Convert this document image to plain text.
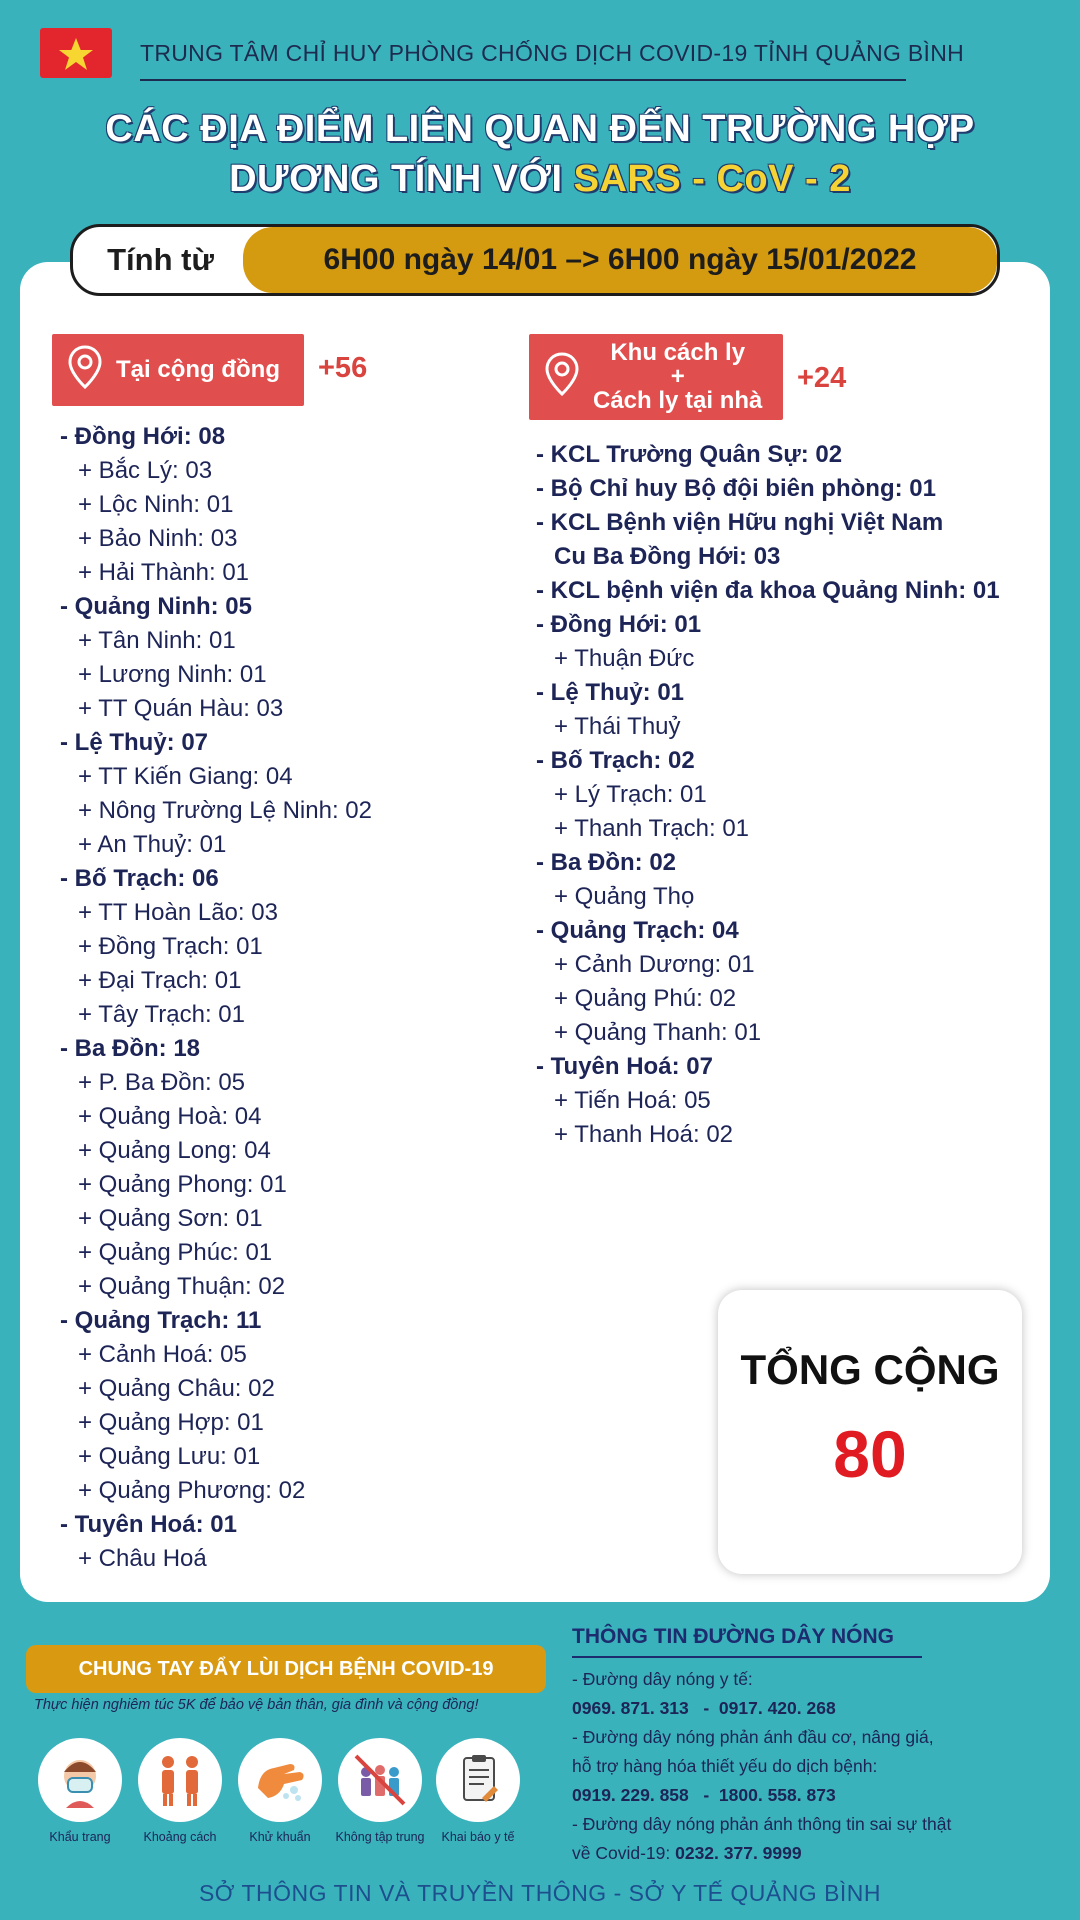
TRUNG TÂM CHỈ HUY PHÒNG CHỐNG DỊCH COVID-19 TỈNH QUẢNG BÌNH
CÁC ĐỊA ĐIỂM LIÊN QUAN ĐẾN TRƯỜNG HỢP
DƯƠNG TÍNH VỚI SARS - CoV - 2
Tính từ	6H00 ngày 14/01 –> 6H00 ngày 15/01/2022
Tại cộng đồng +56	Khu cách ly
+
Cách ly tại nhà
+24
- Đồng Hới: 08
+ Bắc Lý: 03
+ Lộc Ninh: 01
+ Bảo Ninh: 03
+ Hải Thành: 01
- Quảng Ninh: 05
+ Tân Ninh: 01
+ Lương Ninh: 01
+ TT Quán Hàu: 03
- Lệ Thuỷ: 07
+ TT Kiến Giang: 04
+ Nông Trường Lệ Ninh: 02
+ An Thuỷ: 01
- Bố Trạch: 06
+ TT Hoàn Lão: 03
+ Đồng Trạch: 01
+ Đại Trạch: 01
+ Tây Trạch: 01
- Ba Đồn: 18
+ P. Ba Đồn: 05
+ Quảng Hoà: 04
+ Quảng Long: 04
+ Quảng Phong: 01
+ Quảng Sơn: 01
+ Quảng Phúc: 01
+ Quảng Thuận: 02
- Quảng Trạch: 11
+ Cảnh Hoá: 05
+ Quảng Châu: 02
+ Quảng Hợp: 01
+ Quảng Lưu: 01
+ Quảng Phương: 02
- Tuyên Hoá: 01
+ Châu Hoá
- KCL Trường Quân Sự: 02
- Bộ Chỉ huy Bộ đội biên phòng: 01
- KCL Bệnh viện Hữu nghị Việt Nam
Cu Ba Đồng Hới: 03
- KCL bệnh viện đa khoa Quảng Ninh: 01
- Đồng Hới: 01
+ Thuận Đức
- Lệ Thuỷ: 01
+ Thái Thuỷ
- Bố Trạch: 02
+ Lý Trạch: 01
+ Thanh Trạch: 01
- Ba Đồn: 02
+ Quảng Thọ
- Quảng Trạch: 04
+ Cảnh Dương: 01
+ Quảng Phú: 02
+ Quảng Thanh: 01
- Tuyên Hoá: 07
+ Tiến Hoá: 05
+ Thanh Hoá: 02
TỔNG CỘNG
80
CHUNG TAY ĐẨY LÙI DỊCH BỆNH COVID-19
Thực hiện nghiêm túc 5K để bảo vệ bản thân, gia đình và cộng đồng!
Khẩu trang	Khoảng cách	Khử khuẩn	Không tập trung	Khai báo y tế
THÔNG TIN ĐƯỜNG DÂY NÓNG
- Đường dây nóng y tế:
0969. 871. 313   -  0917. 420. 268
- Đường dây nóng phản ánh đầu cơ, nâng giá,
hỗ trợ hàng hóa thiết yếu do dịch bệnh:
0919. 229. 858   -  1800. 558. 873
- Đường dây nóng phản ánh thông tin sai sự thật
về Covid-19: 0232. 377. 9999
SỞ THÔNG TIN VÀ TRUYỀN THÔNG - SỞ Y TẾ QUẢNG BÌNH
